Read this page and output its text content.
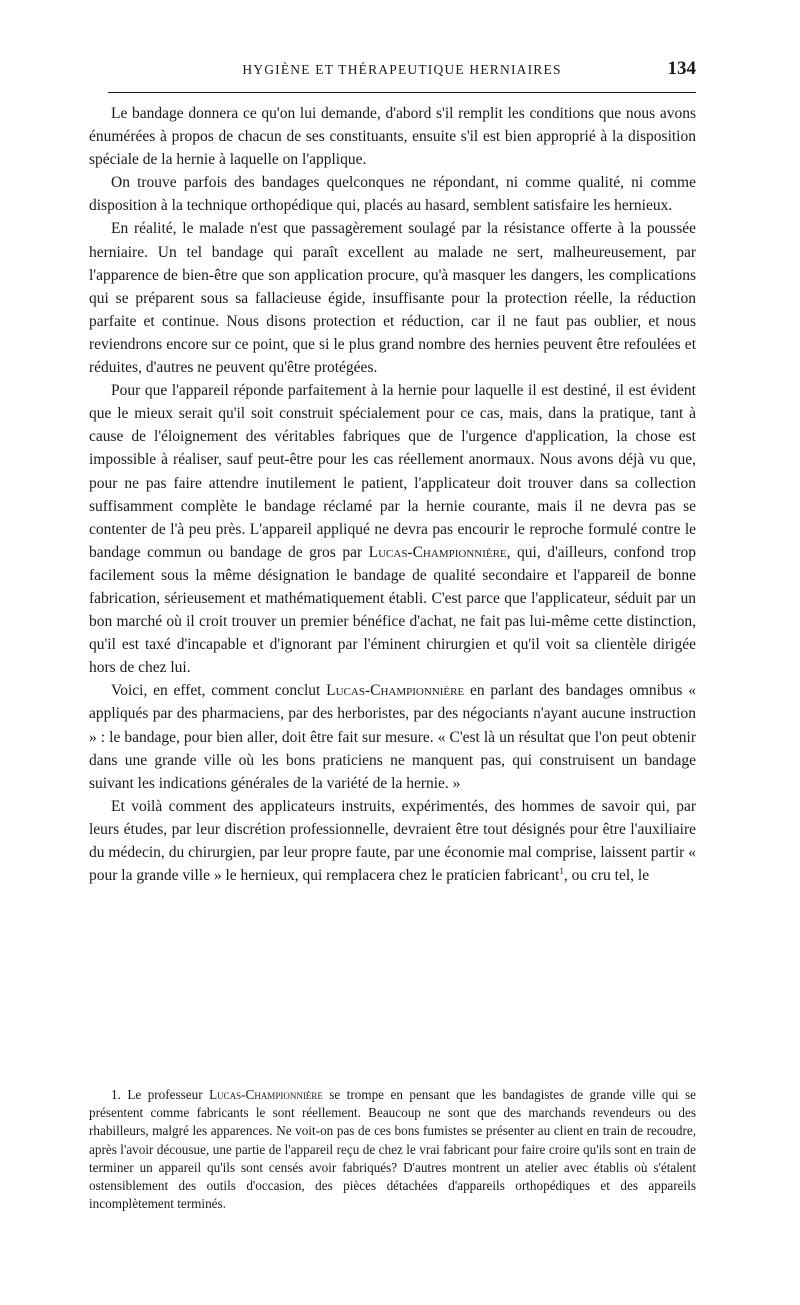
HYGIÈNE ET THÉRAPEUTIQUE HERNIAIRES	134

Le bandage donnera ce qu'on lui demande, d'abord s'il remplit les conditions que nous avons énumérées à propos de chacun de ses constituants, ensuite s'il est bien approprié à la disposition spéciale de la hernie à laquelle on l'applique.

On trouve parfois des bandages quelconques ne répondant, ni comme qualité, ni comme disposition à la technique orthopédique qui, placés au hasard, semblent satisfaire les hernieux.

En réalité, le malade n'est que passagèrement soulagé par la résistance offerte à la poussée herniaire. Un tel bandage qui paraît excellent au malade ne sert, malheureusement, par l'apparence de bien-être que son application procure, qu'à masquer les dangers, les complications qui se préparent sous sa fallacieuse égide, insuffisante pour la protection réelle, la réduction parfaite et continue. Nous disons protection et réduction, car il ne faut pas oublier, et nous reviendrons encore sur ce point, que si le plus grand nombre des hernies peuvent être refoulées et réduites, d'autres ne peuvent qu'être protégées.

Pour que l'appareil réponde parfaitement à la hernie pour laquelle il est destiné, il est évident que le mieux serait qu'il soit construit spécialement pour ce cas, mais, dans la pratique, tant à cause de l'éloignement des véritables fabriques que de l'urgence d'application, la chose est impossible à réaliser, sauf peut-être pour les cas réellement anormaux. Nous avons déjà vu que, pour ne pas faire attendre inutilement le patient, l'applicateur doit trouver dans sa collection suffisamment complète le bandage réclamé par la hernie courante, mais il ne devra pas se contenter de l'à peu près. L'appareil appliqué ne devra pas encourir le reproche formulé contre le bandage commun ou bandage de gros par Lucas-Championnière, qui, d'ailleurs, confond trop facilement sous la même désignation le bandage de qualité secondaire et l'appareil de bonne fabrication, sérieusement et mathématiquement établi. C'est parce que l'applicateur, séduit par un bon marché où il croit trouver un premier bénéfice d'achat, ne fait pas lui-même cette distinction, qu'il est taxé d'incapable et d'ignorant par l'éminent chirurgien et qu'il voit sa clientèle dirigée hors de chez lui.

Voici, en effet, comment conclut Lucas-Championnière en parlant des bandages omnibus « appliqués par des pharmaciens, par des herboristes, par des négociants n'ayant aucune instruction » : le bandage, pour bien aller, doit être fait sur mesure. « C'est là un résultat que l'on peut obtenir dans une grande ville où les bons praticiens ne manquent pas, qui construisent un bandage suivant les indications générales de la variété de la hernie. »

Et voilà comment des applicateurs instruits, expérimentés, des hommes de savoir qui, par leurs études, par leur discrétion professionnelle, devraient être tout désignés pour être l'auxiliaire du médecin, du chirurgien, par leur propre faute, par une économie mal comprise, laissent partir « pour la grande ville » le hernieux, qui remplacera chez le praticien fabricant$^1$, ou cru tel, le

1. Le professeur Lucas-Championnière se trompe en pensant que les bandagistes de grande ville qui se présentent comme fabricants le sont réellement. Beaucoup ne sont que des marchands revendeurs ou des rhabilleurs, malgré les apparences. Ne voit-on pas de ces bons fumistes se présenter au client en train de recoudre, après l'avoir décousue, une partie de l'appareil reçu de chez le vrai fabricant pour faire croire qu'ils sont en train de terminer un appareil qu'ils sont censés avoir fabriqués? D'autres montrent un atelier avec établis où s'étalent ostensiblement des outils d'occasion, des pièces détachées d'appareils orthopédiques et des appareils incomplètement terminés.
